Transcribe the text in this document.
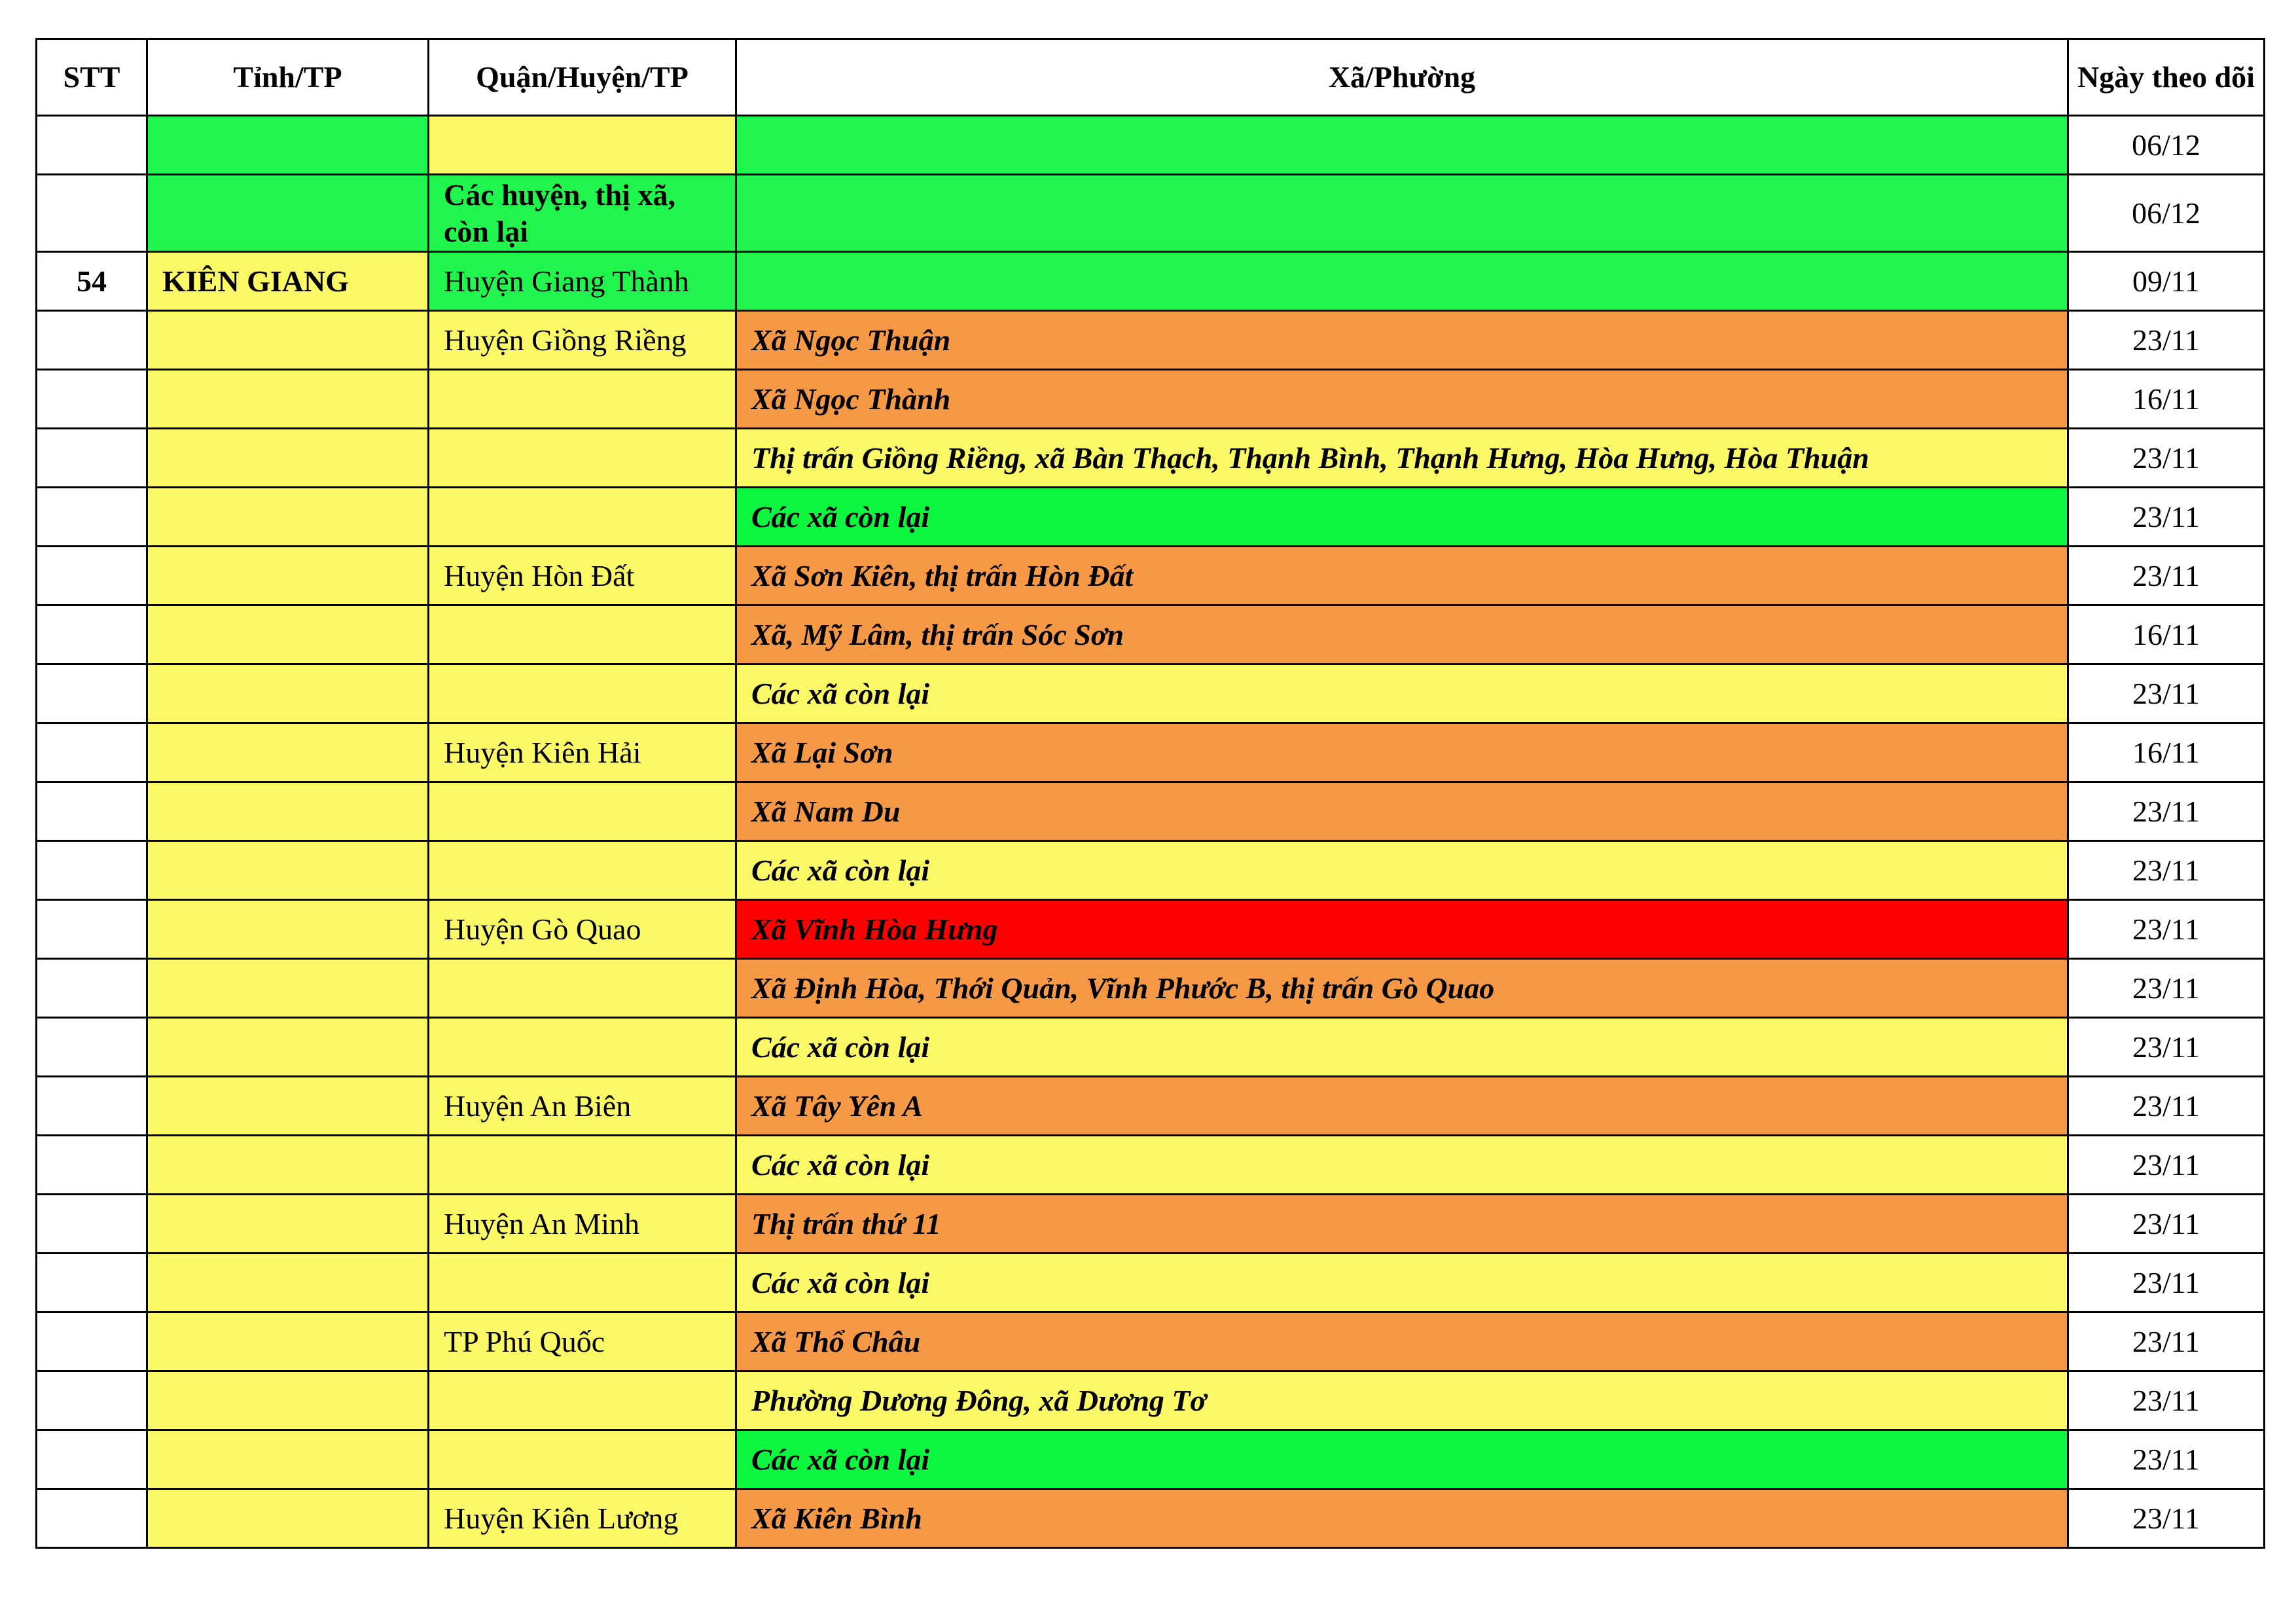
STT	Tỉnh/TP	Quận/Huyện/TP	Xã/Phường	Ngày theo dõi
				06/12
		Các huyện, thị xã, còn lại		06/12
54	KIÊN GIANG	Huyện Giang Thành		09/11
		Huyện Giồng Riềng	Xã Ngọc Thuận	23/11
			Xã Ngọc Thành	16/11
			Thị trấn Giồng Riềng, xã Bàn Thạch, Thạnh Bình, Thạnh Hưng, Hòa Hưng, Hòa Thuận	23/11
			Các xã còn lại	23/11
		Huyện Hòn Đất	Xã Sơn Kiên, thị trấn Hòn Đất	23/11
			Xã, Mỹ Lâm, thị trấn Sóc Sơn	16/11
			Các xã còn lại	23/11
		Huyện Kiên Hải	Xã Lại Sơn	16/11
			Xã Nam Du	23/11
			Các xã còn lại	23/11
		Huyện Gò Quao	Xã Vĩnh Hòa Hưng	23/11
			Xã Định Hòa, Thới Quản, Vĩnh Phước B, thị trấn Gò Quao	23/11
			Các xã còn lại	23/11
		Huyện An Biên	Xã Tây Yên A	23/11
			Các xã còn lại	23/11
		Huyện An Minh	Thị trấn thứ 11	23/11
			Các xã còn lại	23/11
		TP Phú Quốc	Xã Thổ Châu	23/11
			Phường Dương Đông, xã Dương Tơ	23/11
			Các xã còn lại	23/11
		Huyện Kiên Lương	Xã Kiên Bình	23/11
